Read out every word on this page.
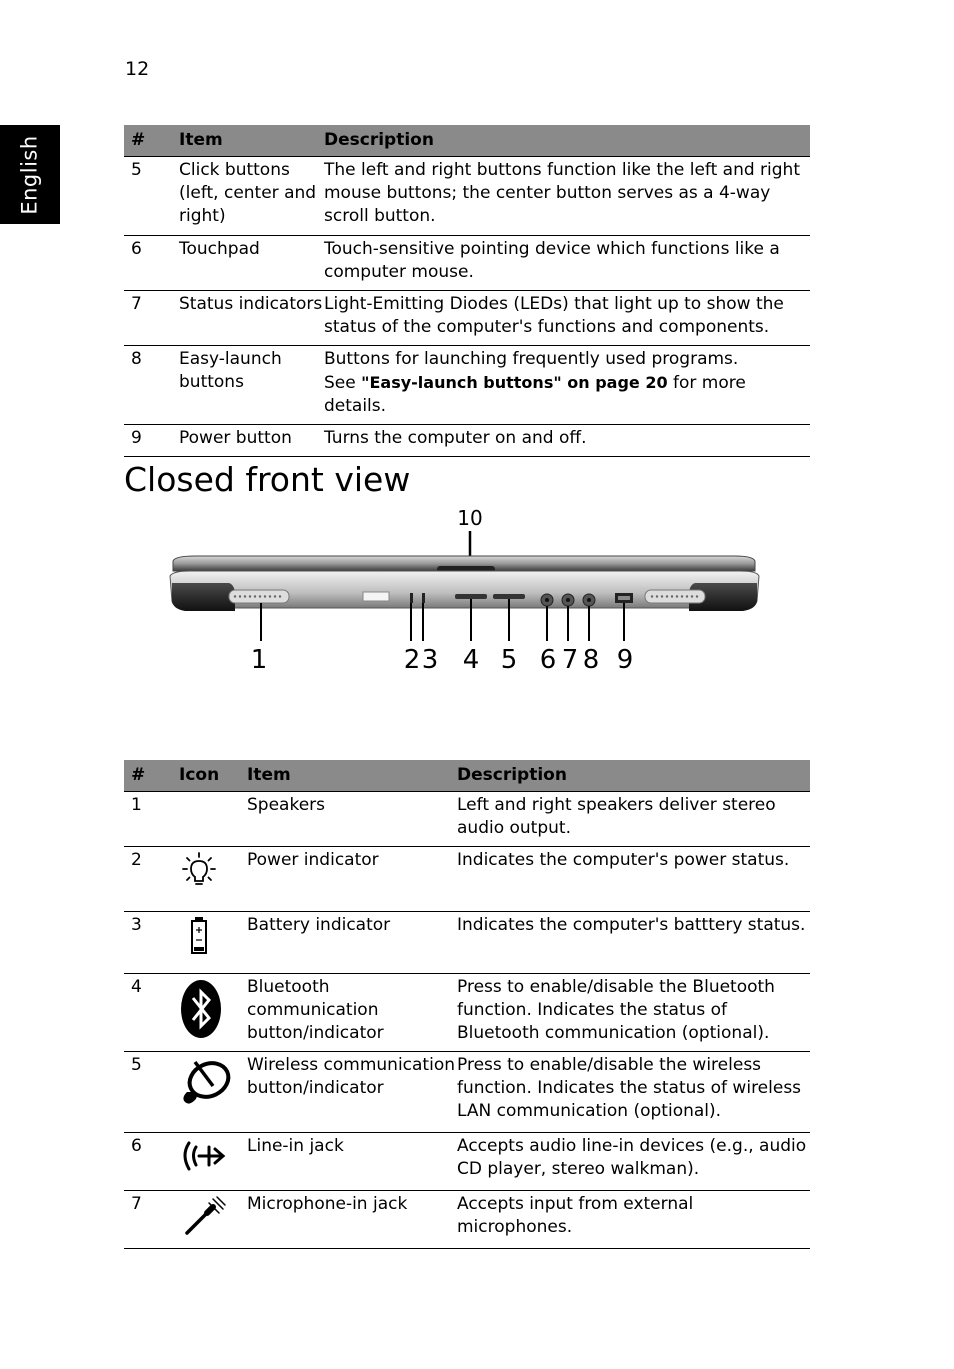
12
English	#	Item	Description
5	Click buttons (left, center and right)	The left and right buttons function like the left and right mouse buttons; the center button serves as a 4-way scroll button.
6	Touchpad	Touch-sensitive pointing device which functions like a computer mouse.
7	Status indicators	Light-Emitting Diodes (LEDs) that light up to show the status of the computer's functions and components.
8	Easy-launch buttons	Buttons for launching frequently used programs.
See "Easy-launch buttons" on page 20 for more details.

9	Power button	Turns the computer on and off.
Closed front view
10
1	2 3 4 5 6 7 8 9
#	Icon	Item	Description
1		Speakers	Left and right speakers deliver stereo audio output.
2		Power indicator	Indicates the computer's power status.
3		Battery indicator	Indicates the computer's batttery status.
4		Bluetooth communication button/indicator	Press to enable/disable the Bluetooth function. Indicates the status of Bluetooth communication (optional).
5		Wireless communication button/indicator	Press to enable/disable the wireless function. Indicates the status of wireless LAN communication (optional).
6		Line-in jack	Accepts audio line-in devices (e.g., audio CD player, stereo walkman).
7		Microphone-in jack	Accepts input from external microphones.
